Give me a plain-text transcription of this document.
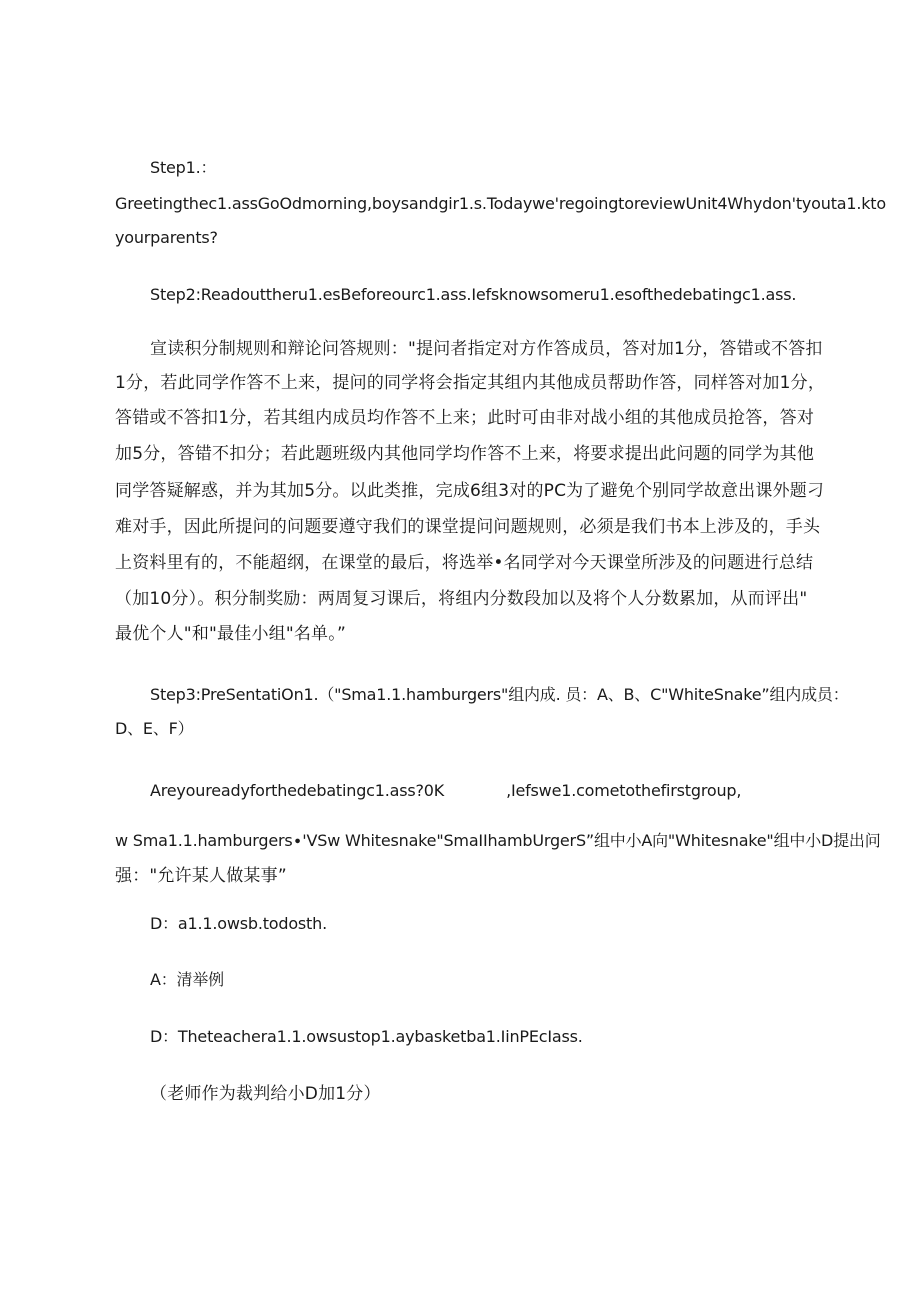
Step1.：
Greetingthec1.assGoOdmorning,boysandgir1.s.Todaywe'regoingtoreviewUnit4Whydon'tyouta1.kto
yourparents?
Step2:Readouttheru1.esBeforeourc1.ass.Iefsknowsomeru1.esofthedebatingc1.ass.
宣读积分制规则和辩论问答规则："提问者指定对方作答成员，答对加1分，答错或不答扣
1分，若此同学作答不上来，提问的同学将会指定其组内其他成员帮助作答，同样答对加1分，
答错或不答扣1分，若其组内成员均作答不上来；此时可由非对战小组的其他成员抢答，答对
加5分，答错不扣分；若此题班级内其他同学均作答不上来，将要求提出此问题的同学为其他
同学答疑解惑，并为其加5分。以此类推，完成6组3对的PC为了避免个别同学故意出课外题刁
难对手，因此所提问的问题要遵守我们的课堂提问问题规则，必须是我们书本上涉及的，手头
上资料里有的，不能超纲，在课堂的最后，将选举•名同学对今天课堂所涉及的问题进行总结
（加10分）。积分制奖励：两周复习课后，将组内分数段加以及将个人分数累加，从而评出"
最优个人"和"最佳小组"名单。”
Step3:PreSentatiOn1.（"Sma1.1.hamburgers"组内成. 员：A、B、C"WhiteSnake”组内成员：
D、E、F）
Areyoureadyforthedebatingc1.ass?0K	,Iefswe1.cometothefirstgroup,
w Sma1.1.hamburgers∙'VSw Whitesnake"SmaIIhambUrgerS”组中小A向"Whitesnake"组中小D提出问
强："允许某人做某事”
D：a1.1.owsb.todosth.
A：清举例
D：Theteachera1.1.owsustop1.aybasketba1.IinPEcIass.
（老师作为裁判给小D加1分）
